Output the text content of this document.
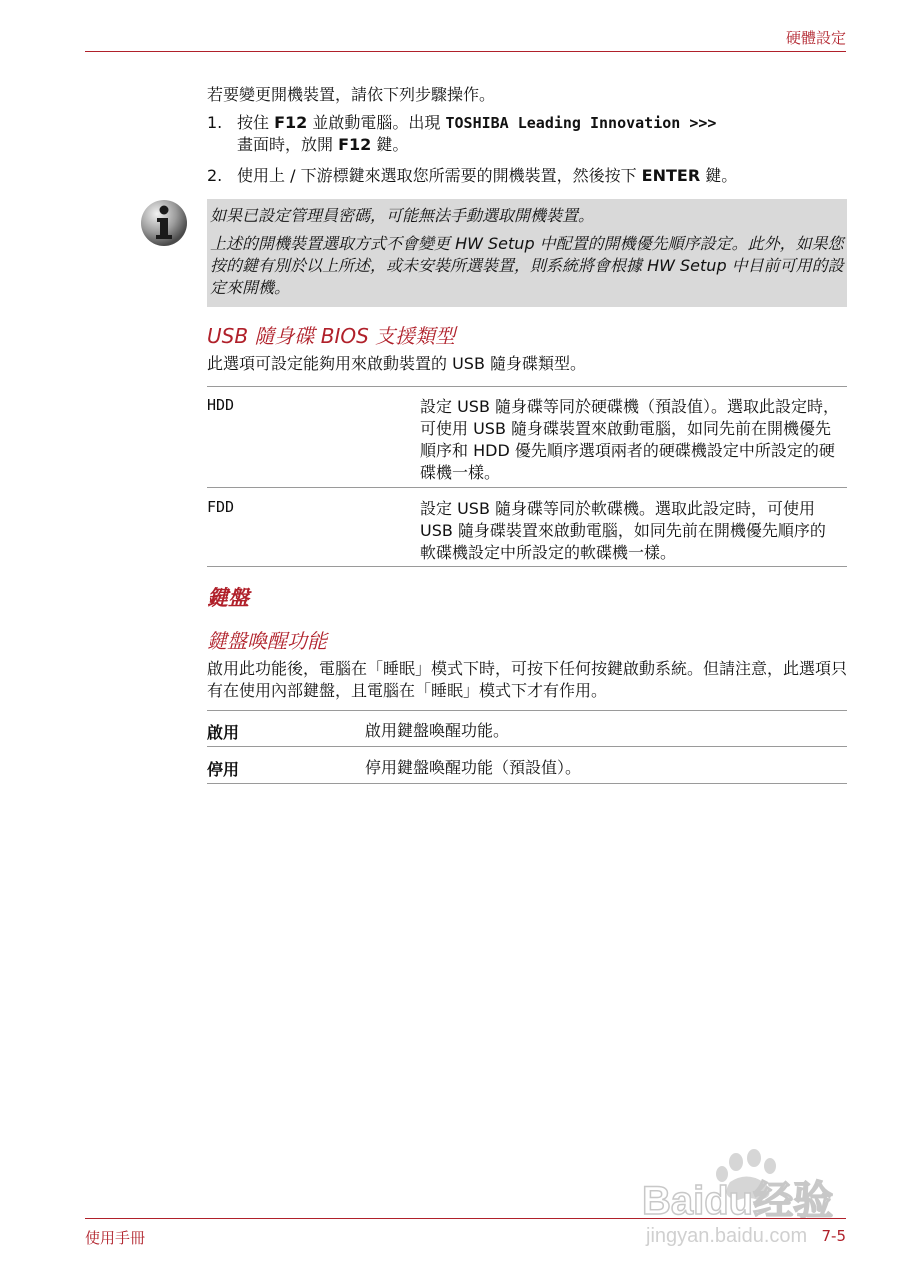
硬體設定
若要變更開機裝置，請依下列步驟操作。
1. 按住 F12 並啟動電腦。出現 TOSHIBA Leading Innovation >>>
畫面時，放開 F12 鍵。
2. 使用上 / 下游標鍵來選取您所需要的開機裝置，然後按下 ENTER 鍵。

如果已設定管理員密碼，可能無法手動選取開機裝置。

上述的開機裝置選取方式不會變更 HW Setup 中配置的開機優先順序設定。此外，如果您按的鍵有別於以上所述，或未安裝所選裝置，則系統將會根據 HW Setup 中目前可用的設定來開機。

USB 隨身碟 BIOS 支援類型
此選項可設定能夠用來啟動裝置的 USB 隨身碟類型。
HDD	設定 USB 隨身碟等同於硬碟機（預設值）。選取此設定時，可使用 USB 隨身碟裝置來啟動電腦，如同先前在開機優先順序和 HDD 優先順序選項兩者的硬碟機設定中所設定的硬碟機一樣。
FDD	設定 USB 隨身碟等同於軟碟機。選取此設定時，可使用 USB 隨身碟裝置來啟動電腦，如同先前在開機優先順序的軟碟機設定中所設定的軟碟機一樣。
鍵盤
鍵盤喚醒功能
啟用此功能後，電腦在「睡眠」模式下時，可按下任何按鍵啟動系統。但請注意，此選項只有在使用內部鍵盤，且電腦在「睡眠」模式下才有作用。
啟用	啟用鍵盤喚醒功能。
停用	停用鍵盤喚醒功能（預設值）。
Baidu经验
jingyan.baidu.com
使用手冊	7-5
